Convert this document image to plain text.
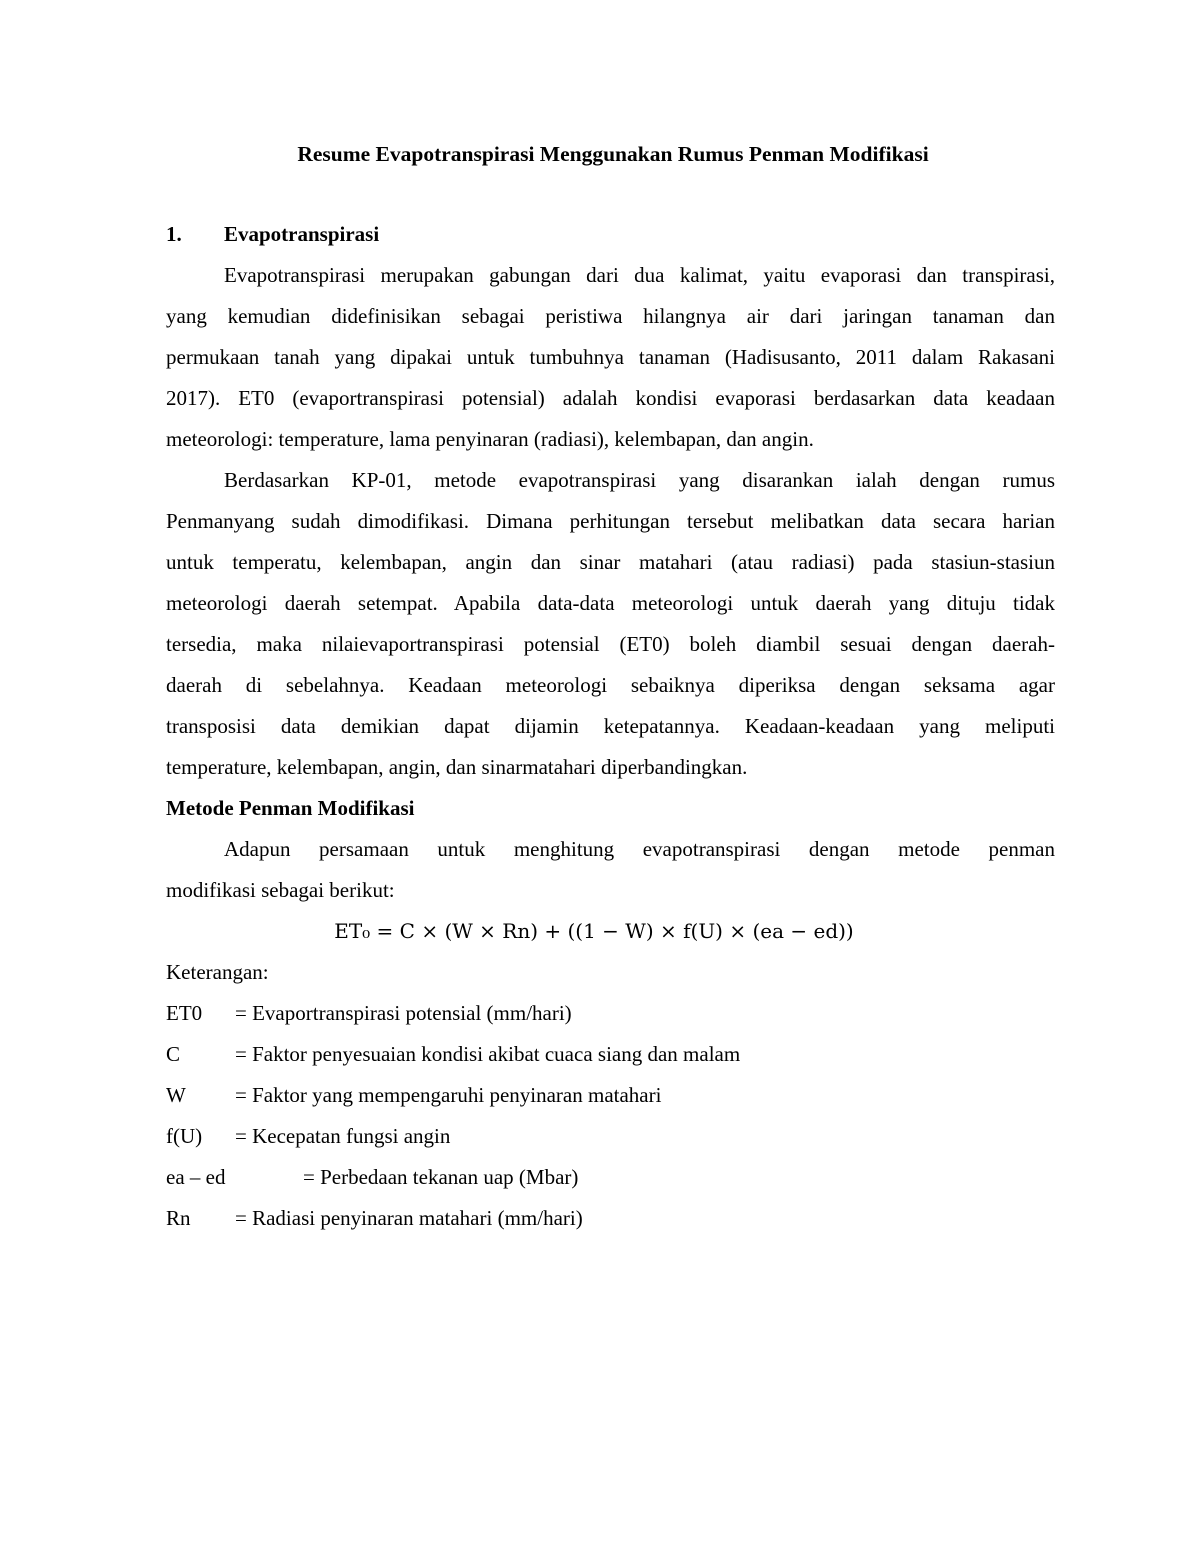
Resume Evapotranspirasi Menggunakan Rumus Penman Modifikasi
1. Evapotranspirasi
Evapotranspirasi merupakan gabungan dari dua kalimat, yaitu evaporasi dan transpirasi,
yang kemudian didefinisikan sebagai peristiwa hilangnya air dari jaringan tanaman dan
permukaan tanah yang dipakai untuk tumbuhnya tanaman (Hadisusanto, 2011 dalam Rakasani
2017). ET0 (evaportranspirasi potensial) adalah kondisi evaporasi berdasarkan data keadaan
meteorologi: temperature, lama penyinaran (radiasi), kelembapan, dan angin.
Berdasarkan KP-01, metode evapotranspirasi yang disarankan ialah dengan rumus
Penmanyang sudah dimodifikasi. Dimana perhitungan tersebut melibatkan data secara harian
untuk temperatu, kelembapan, angin dan sinar matahari (atau radiasi) pada stasiun-stasiun
meteorologi daerah setempat. Apabila data-data meteorologi untuk daerah yang dituju tidak
tersedia, maka nilaievaportranspirasi potensial (ET0) boleh diambil sesuai dengan daerah-
daerah di sebelahnya. Keadaan meteorologi sebaiknya diperiksa dengan seksama agar
transposisi data demikian dapat dijamin ketepatannya. Keadaan-keadaan yang meliputi
temperature, kelembapan, angin, dan sinarmatahari diperbandingkan.
Metode Penman Modifikasi
Adapun persamaan untuk menghitung evapotranspirasi dengan metode penman
modifikasi sebagai berikut:
ET₀ = C × (W × Rn) + ((1 − W) × f(U) × (ea − ed))
Keterangan:
ET0 = Evaportranspirasi potensial (mm/hari)
C	= Faktor penyesuaian kondisi akibat cuaca siang dan malam
W = Faktor yang mempengaruhi penyinaran matahari
f(U) = Kecepatan fungsi angin
ea – ed	= Perbedaan tekanan uap (Mbar)
Rn = Radiasi penyinaran matahari (mm/hari)
